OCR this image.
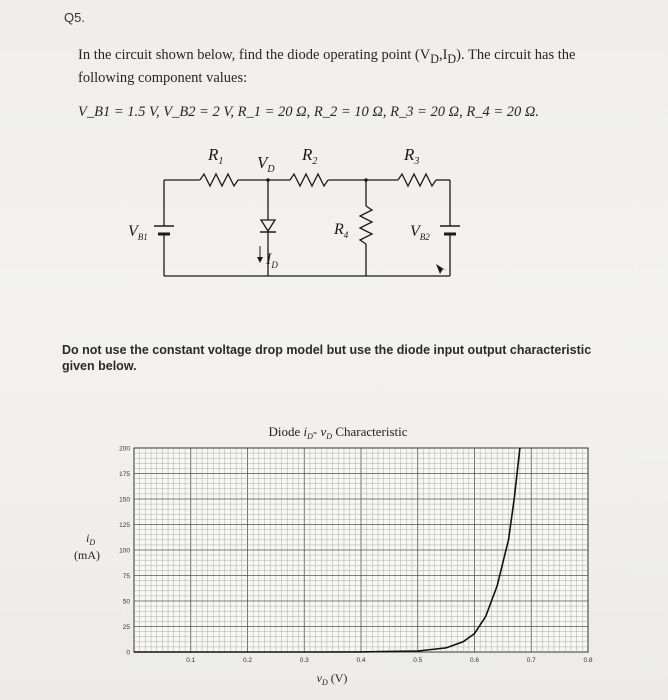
Q5.
In the circuit shown below, find the diode operating point $(V_D,I_D)$. The circuit has the following component values:
V_B1 = 1.5 V, V_B2 = 2 V, R_1 = 20 Ω, R_2 = 10 Ω, R_3 = 20 Ω, R_4 = 20 Ω.
$R_1$ $V_D$
$R_2$	$R_3$
$V_{B1}$	$R_4$	$V_{B2}$
$I_D$
Do not use the constant voltage drop model but use the diode input output characteristic given below.
Diode $i_D-$ $v_D$ Characteristic
0
25
50
75
100
125
150
175
200
0.1	0.2	0.3	0.4	0.5	0.6	0.7	0.8
$i_D$ (mA)
$v_D$ (V)
